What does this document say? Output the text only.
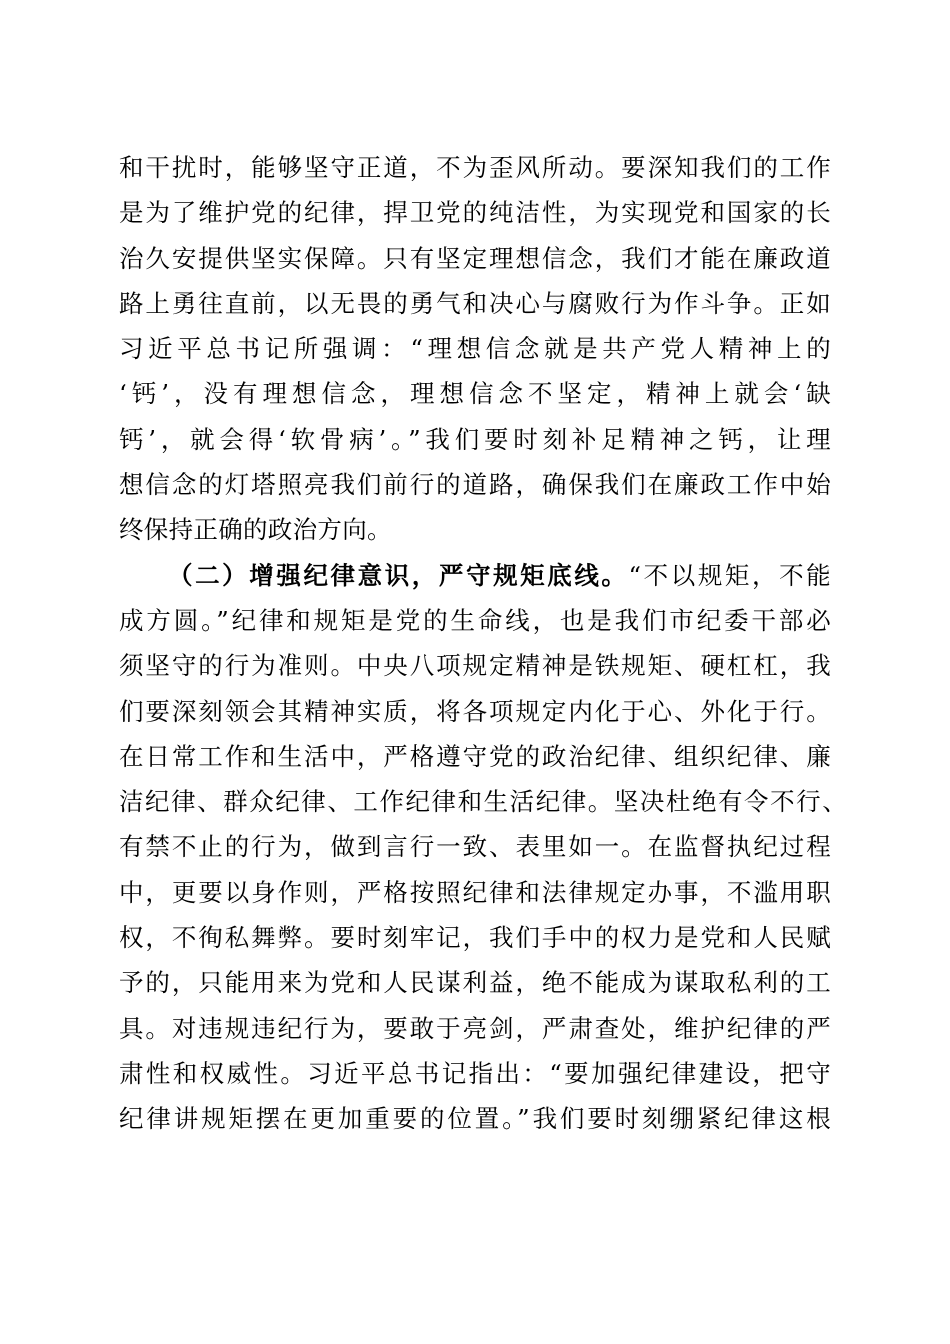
和干扰时，能够坚守正道，不为歪风所动。要深知我们的工作
是为了维护党的纪律，捍卫党的纯洁性，为实现党和国家的长
治久安提供坚实保障。只有坚定理想信念，我们才能在廉政道
路上勇往直前，以无畏的勇气和决心与腐败行为作斗争。正如
习近平总书记所强调：“理想信念就是共产党人精神上的
‘钙’，没有理想信念，理想信念不坚定，精神上就会‘缺
钙’，就会得‘软骨病’。”我们要时刻补足精神之钙，让理
想信念的灯塔照亮我们前行的道路，确保我们在廉政工作中始
终保持正确的政治方向。
（二）增强纪律意识，严守规矩底线。“不以规矩，不能
成方圆。”纪律和规矩是党的生命线，也是我们市纪委干部必
须坚守的行为准则。中央八项规定精神是铁规矩、硬杠杠，我
们要深刻领会其精神实质，将各项规定内化于心、外化于行。
在日常工作和生活中，严格遵守党的政治纪律、组织纪律、廉
洁纪律、群众纪律、工作纪律和生活纪律。坚决杜绝有令不行、
有禁不止的行为，做到言行一致、表里如一。在监督执纪过程
中，更要以身作则，严格按照纪律和法律规定办事，不滥用职
权，不徇私舞弊。要时刻牢记，我们手中的权力是党和人民赋
予的，只能用来为党和人民谋利益，绝不能成为谋取私利的工
具。对违规违纪行为，要敢于亮剑，严肃查处，维护纪律的严
肃性和权威性。习近平总书记指出：“要加强纪律建设，把守
纪律讲规矩摆在更加重要的位置。”我们要时刻绷紧纪律这根
